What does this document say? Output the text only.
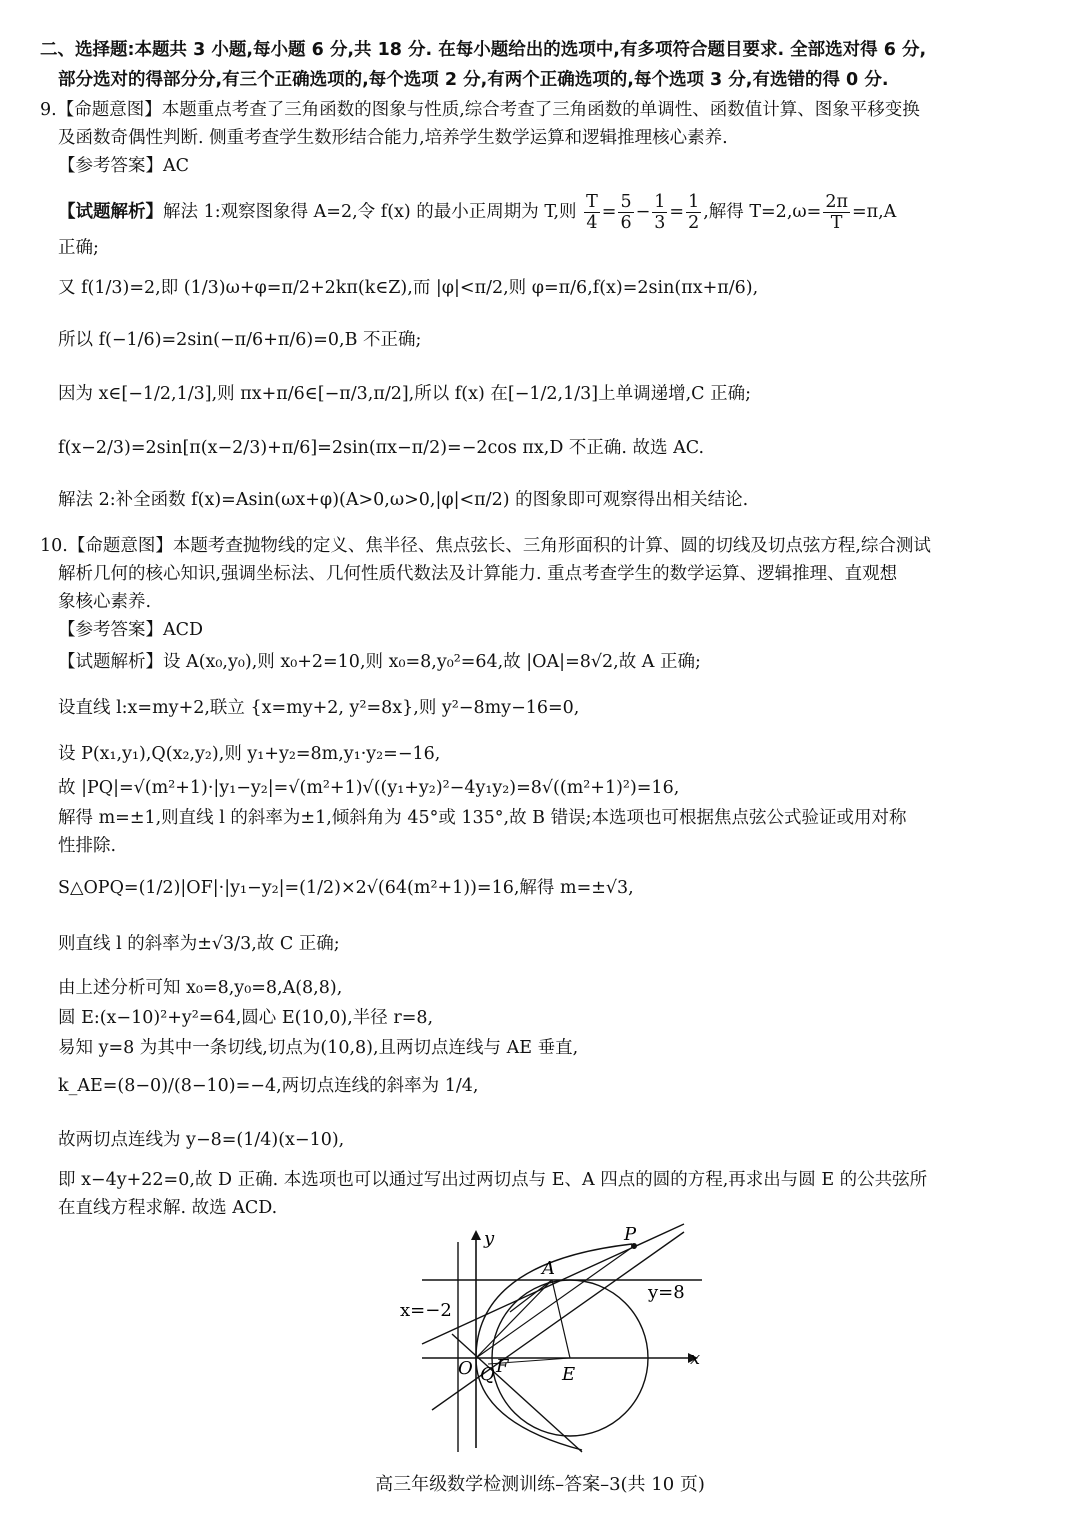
二、选择题:本题共 3 小题,每小题 6 分,共 18 分. 在每小题给出的选项中,有多项符合题目要求. 全部选对得 6 分,
部分选对的得部分分,有三个正确选项的,每个选项 2 分,有两个正确选项的,每个选项 3 分,有选错的得 0 分.
9.【命题意图】本题重点考查了三角函数的图象与性质,综合考查了三角函数的单调性、函数值计算、图象平移变换
及函数奇偶性判断. 侧重考查学生数形结合能力,培养学生数学运算和逻辑推理核心素养.
【参考答案】AC
【试题解析】解法 1:观察图象得 A=2,令 f(x) 的最小正周期为 T,则 $\frac{T}{4} = \frac{5}{6} - \frac{1}{3} = \frac{1}{2}$ ,解得 $T=2,\omega= \frac{2\pi}{T} =\pi,A$
正确;
又 f(1/3)=2,即 (1/3)ω+φ=π/2+2kπ(k∈Z),而 |φ|<π/2,则 φ=π/6,f(x)=2sin(πx+π/6),
所以 f(−1/6)=2sin(−π/6+π/6)=0,B 不正确;
因为 x∈[−1/2,1/3],则 πx+π/6∈[−π/3,π/2],所以 f(x) 在[−1/2,1/3]上单调递增,C 正确;
f(x−2/3)=2sin[π(x−2/3)+π/6]=2sin(πx−π/2)=−2cos πx,D 不正确. 故选 AC.
解法 2:补全函数 f(x)=Asin(ωx+φ)(A>0,ω>0,|φ|<π/2) 的图象即可观察得出相关结论.
10.【命题意图】本题考查抛物线的定义、焦半径、焦点弦长、三角形面积的计算、圆的切线及切点弦方程,综合测试
解析几何的核心知识,强调坐标法、几何性质代数法及计算能力. 重点考查学生的数学运算、逻辑推理、直观想
象核心素养.
【参考答案】ACD
【试题解析】设 A(x₀,y₀),则 x₀+2=10,则 x₀=8,y₀²=64,故 |OA|=8√2,故 A 正确;
设直线 l:x=my+2,联立 {x=my+2, y²=8x},则 y²−8my−16=0,
设 P(x₁,y₁),Q(x₂,y₂),则 y₁+y₂=8m,y₁·y₂=−16,
故 |PQ|=√(m²+1)·|y₁−y₂|=√(m²+1)√((y₁+y₂)²−4y₁y₂)=8√((m²+1)²)=16,
解得 m=±1,则直线 l 的斜率为±1,倾斜角为 45°或 135°,故 B 错误;本选项也可根据焦点弦公式验证或用对称
性排除.
S△OPQ=(1/2)|OF|·|y₁−y₂|=(1/2)×2√(64(m²+1))=16,解得 m=±√3,
则直线 l 的斜率为±√3/3,故 C 正确;
由上述分析可知 x₀=8,y₀=8,A(8,8),
圆 E:(x−10)²+y²=64,圆心 E(10,0),半径 r=8,
易知 y=8 为其中一条切线,切点为(10,8),且两切点连线与 AE 垂直,
k_AE=(8−0)/(8−10)=−4,两切点连线的斜率为 1/4,
故两切点连线为 y−8=(1/4)(x−10),
即 x−4y+22=0,故 D 正确. 本选项也可以通过写出过两切点与 E、A 四点的圆的方程,再求出与圆 E 的公共弦所
在直线方程求解. 故选 ACD.
y
x
P
A
y=8
x=−2
O Q F	E
高三年级数学检测训练–答案–3(共 10 页)
